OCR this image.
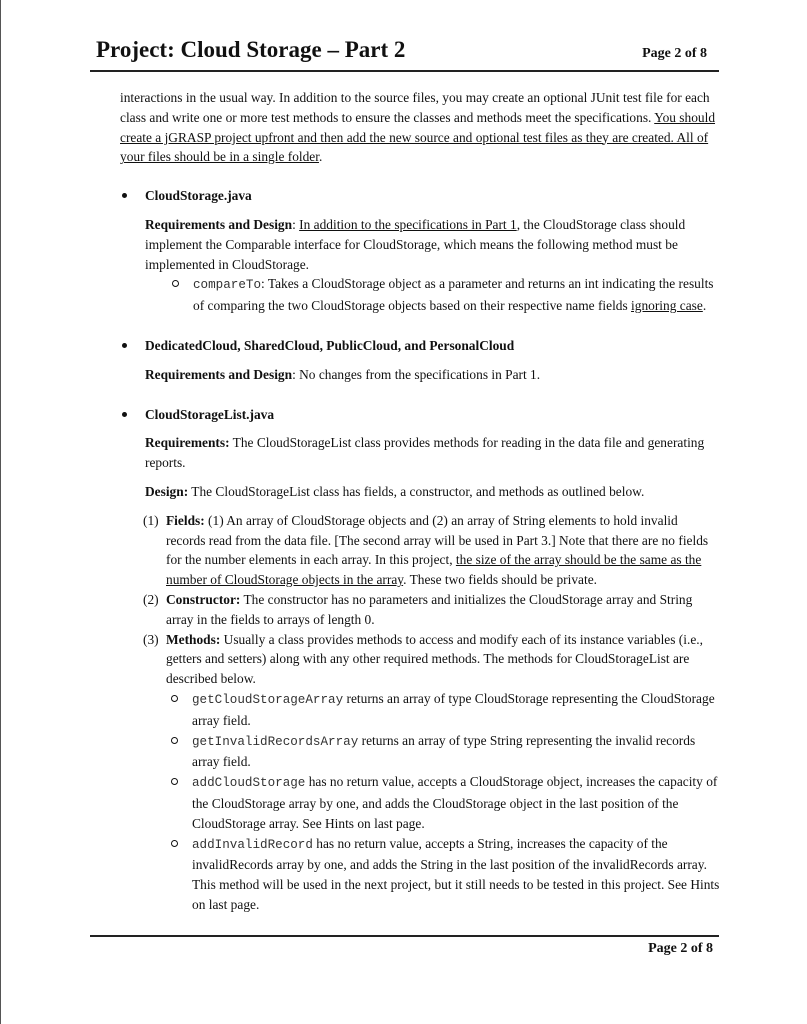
Project: Cloud Storage – Part 2	Page 2 of 8

interactions in the usual way. In addition to the source files, you may create an optional JUnit test file for each class and write one or more test methods to ensure the classes and methods meet the specifications. You should create a jGRASP project upfront and then add the new source and optional test files as they are created. All of your files should be in a single folder.

CloudStorage.java

Requirements and Design: In addition to the specifications in Part 1, the CloudStorage class should implement the Comparable interface for CloudStorage, which means the following method must be implemented in CloudStorage.

compareTo: Takes a CloudStorage object as a parameter and returns an int indicating the results of comparing the two CloudStorage objects based on their respective name fields ignoring case.
DedicatedCloud, SharedCloud, PublicCloud, and PersonalCloud

Requirements and Design: No changes from the specifications in Part 1.

CloudStorageList.java

Requirements: The CloudStorageList class provides methods for reading in the data file and generating reports.

Design: The CloudStorageList class has fields, a constructor, and methods as outlined below.

(1) Fields: (1) An array of CloudStorage objects and (2) an array of String elements to hold invalid records read from the data file. [The second array will be used in Part 3.] Note that there are no fields for the number elements in each array. In this project, the size of the array should be the same as the number of CloudStorage objects in the array. These two fields should be private.
(2) Constructor: The constructor has no parameters and initializes the CloudStorage array and String array in the fields to arrays of length 0.
(3) Methods: Usually a class provides methods to access and modify each of its instance variables (i.e., getters and setters) along with any other required methods. The methods for CloudStorageList are described below.
getCloudStorageArray returns an array of type CloudStorage representing the CloudStorage array field.
getInvalidRecordsArray returns an array of type String representing the invalid records array field.
addCloudStorage has no return value, accepts a CloudStorage object, increases the capacity of the CloudStorage array by one, and adds the CloudStorage object in the last position of the CloudStorage array. See Hints on last page.
addInvalidRecord has no return value, accepts a String, increases the capacity of the invalidRecords array by one, and adds the String in the last position of the invalidRecords array. This method will be used in the next project, but it still needs to be tested in this project. See Hints on last page.
Page 2 of 8
